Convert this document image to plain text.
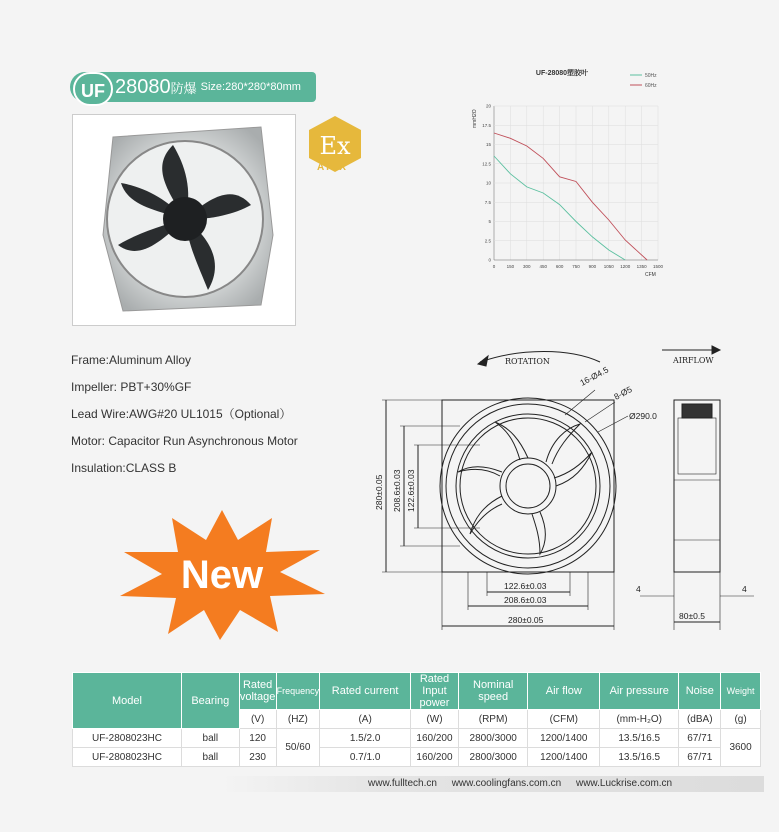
UF 28080防爆 Size:280*280*80mm
Ex
ATEX
Frame:Aluminum Alloy
Impeller: PBT+30%GF
Lead Wire:AWG#20 UL1015（Optional）
Motor: Capacitor Run Asynchronous Motor
Insulation:CLASS B
New
UF-28080塑胶叶	50Hz
60Hz
0	150 300 450 600 750 900 1050 1200 1350 1500
0
2.5
5
7.5
10
12.5
15
17.5
20
CFM
mmH2O
ROTATION	AIRFLOW
16-Ø4.5
8-Ø5
Ø290.0
280±0.05 208.6±0.03 122.6±0.03
122.6±0.03
208.6±0.03
280±0.05
4	4
80±0.5
Model	Bearing	Rated voltage	Frequency	Rated current	Rated Input power	Nominal speed	Air flow	Air pressure	Noise	Weight
		(V)	(HZ)	(A)	(W)	(RPM)	(CFM)	(mm-H₂O)	(dBA)	(g)
UF-2808023HC	ball	120	50/60	1.5/2.0	160/200	2800/3000	1200/1400	13.5/16.5	67/71	3600
UF-2808023HC	ball	230		0.7/1.0	160/200	2800/3000	1200/1400	13.5/16.5	67/71	
www.fulltech.cn www.coolingfans.com.cn www.Luckrise.com.cn
